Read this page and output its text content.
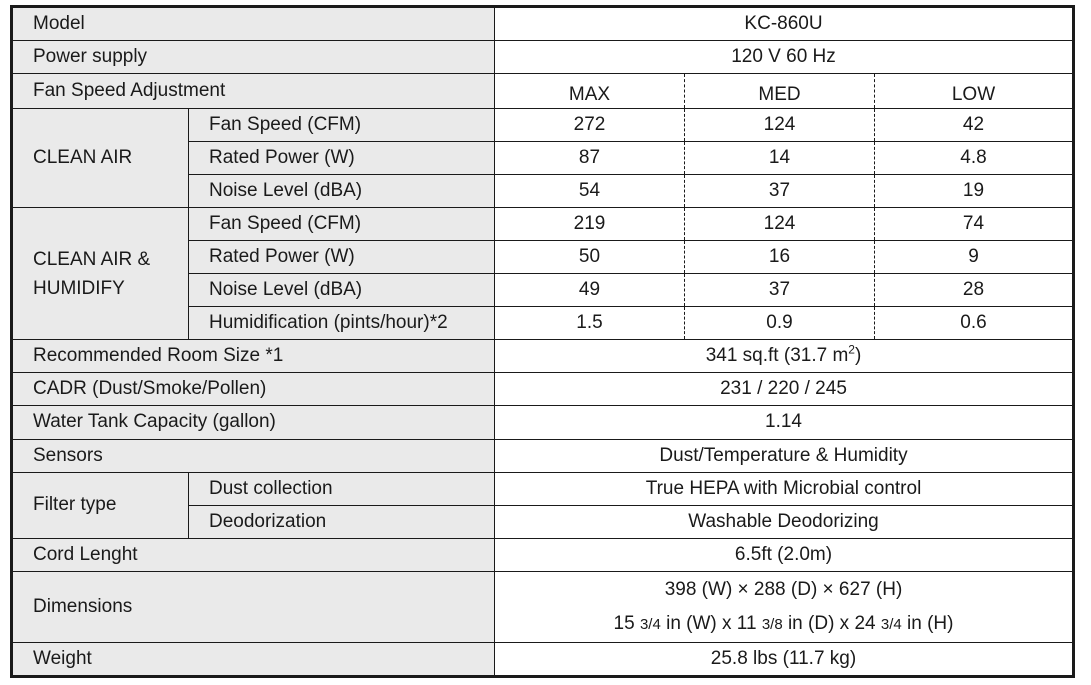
Model		KC-860U		
Power supply		120 V 60 Hz		
Fan Speed Adjustment		MAX	MED	LOW
CLEAN AIR	Fan Speed (CFM)	272	124	42
	Rated Power (W)	87	14	4.8
	Noise Level (dBA)	54	37	19
CLEAN AIR &
HUMIDIFY	Fan Speed (CFM)	219	124	74
	Rated Power (W)	50	16	9
	Noise Level (dBA)	49	37	28
	Humidification (pints/hour)*2	1.5	0.9	0.6
Recommended Room Size *1		341 sq.ft (31.7 $m^2$)		
CADR (Dust/Smoke/Pollen)		231 / 220 / 245		
Water Tank Capacity (gallon)		1.14		
Sensors		Dust/Temperature & Humidity		
Filter type	Dust collection	True HEPA with Microbial control		
	Deodorization	Washable Deodorizing		
Cord Lenght		6.5ft (2.0m)		
Dimensions		398 (W) × 288 (D) × 627 (H)
15 3/4 in (W) x 11 3/8 in (D) x 24 3/4 in (H)		

Weight		25.8 lbs (11.7 kg)		
